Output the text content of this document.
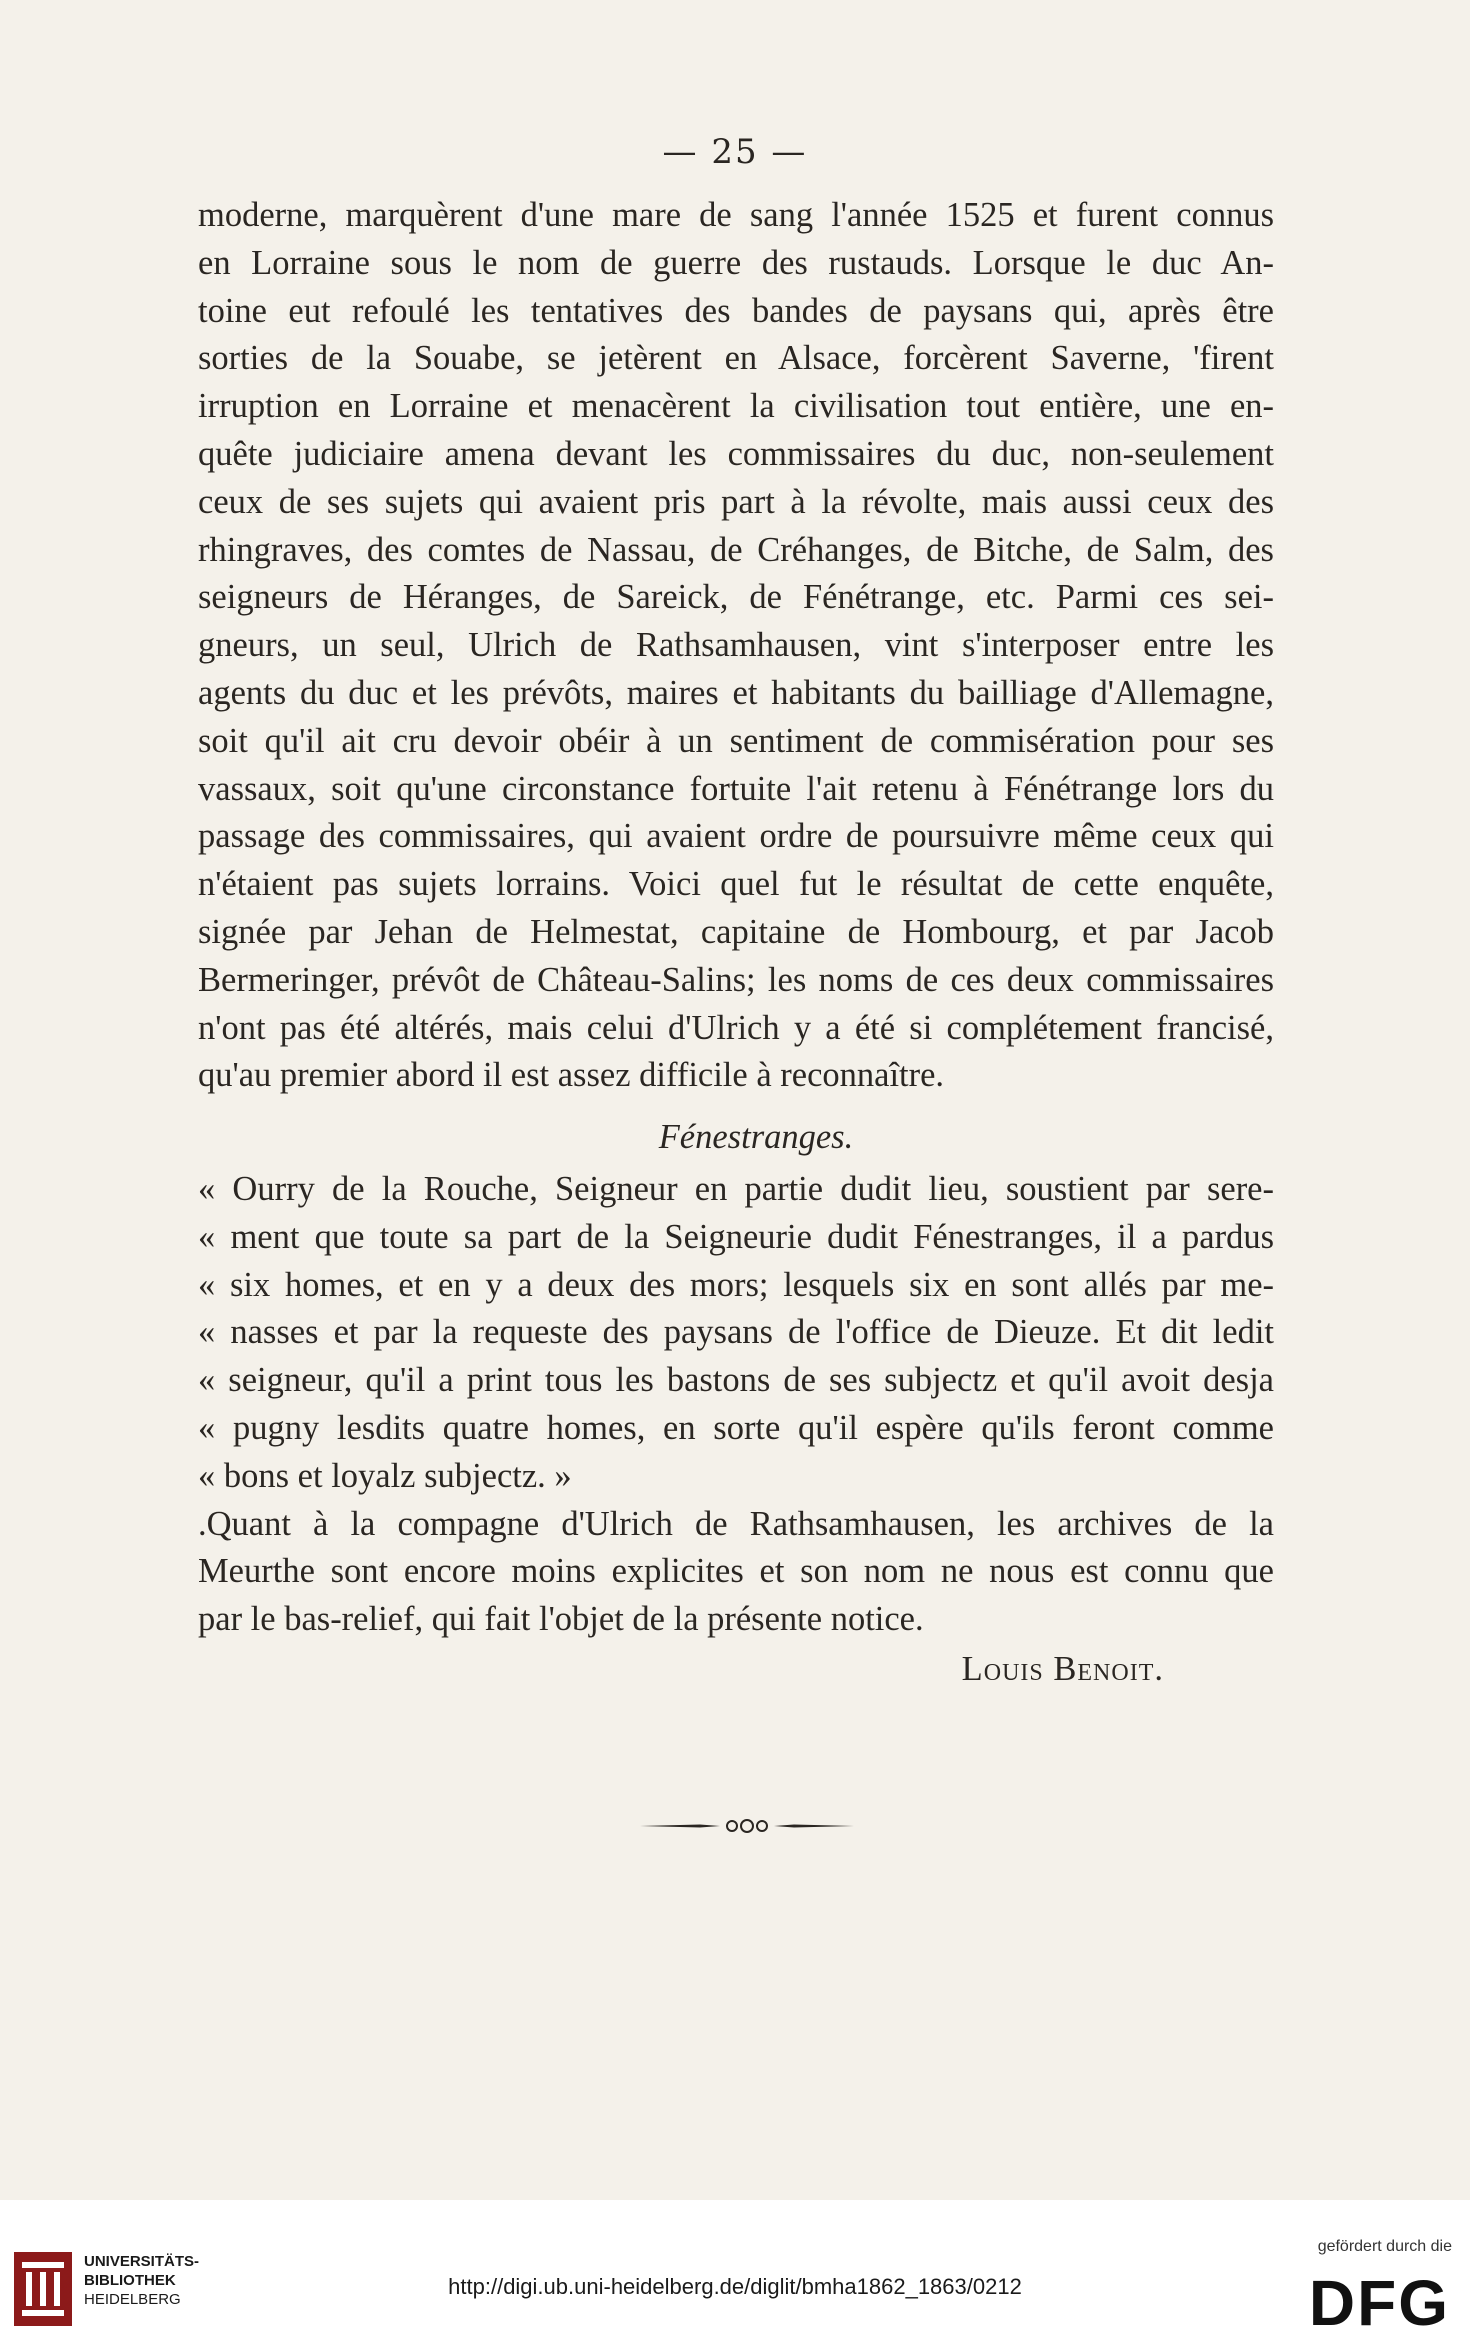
— 25 —
moderne, marquèrent d'une mare de sang l'année 1525 et furent connus
en Lorraine sous le nom de guerre des rustauds. Lorsque le duc An-
toine eut refoulé les tentatives des bandes de paysans qui, après être
sorties de la Souabe, se jetèrent en Alsace, forcèrent Saverne, 'firent
irruption en Lorraine et menacèrent la civilisation tout entière, une en-
quête judiciaire amena devant les commissaires du duc, non-seulement
ceux de ses sujets qui avaient pris part à la révolte, mais aussi ceux des
rhingraves, des comtes de Nassau, de Créhanges, de Bitche, de Salm, des
seigneurs de Héranges, de Sareick, de Fénétrange, etc. Parmi ces sei-
gneurs, un seul, Ulrich de Rathsamhausen, vint s'interposer entre les
agents du duc et les prévôts, maires et habitants du bailliage d'Allemagne,
soit qu'il ait cru devoir obéir à un sentiment de commisération pour ses
vassaux, soit qu'une circonstance fortuite l'ait retenu à Fénétrange lors du
passage des commissaires, qui avaient ordre de poursuivre même ceux qui
n'étaient pas sujets lorrains. Voici quel fut le résultat de cette enquête,
signée par Jehan de Helmestat, capitaine de Hombourg, et par Jacob
Bermeringer, prévôt de Château-Salins; les noms de ces deux commissaires
n'ont pas été altérés, mais celui d'Ulrich y a été si complétement francisé,
qu'au premier abord il est assez difficile à reconnaître.
Fénestranges.
« Ourry de la Rouche, Seigneur en partie dudit lieu, soustient par sere-
« ment que toute sa part de la Seigneurie dudit Fénestranges, il a pardus
« six homes, et en y a deux des mors; lesquels six en sont allés par me-
« nasses et par la requeste des paysans de l'office de Dieuze. Et dit ledit
« seigneur, qu'il a print tous les bastons de ses subjectz et qu'il avoit desja
« pugny lesdits quatre homes, en sorte qu'il espère qu'ils feront comme
« bons et loyalz subjectz. »
.Quant à la compagne d'Ulrich de Rathsamhausen, les archives de la
Meurthe sont encore moins explicites et son nom ne nous est connu que
par le bas-relief, qui fait l'objet de la présente notice.
Louis Benoit.
UNIVERSITÄTS-
BIBLIOTHEK
HEIDELBERG
http://digi.ub.uni-heidelberg.de/diglit/bmha1862_1863/0212
gefördert durch die
DFG
